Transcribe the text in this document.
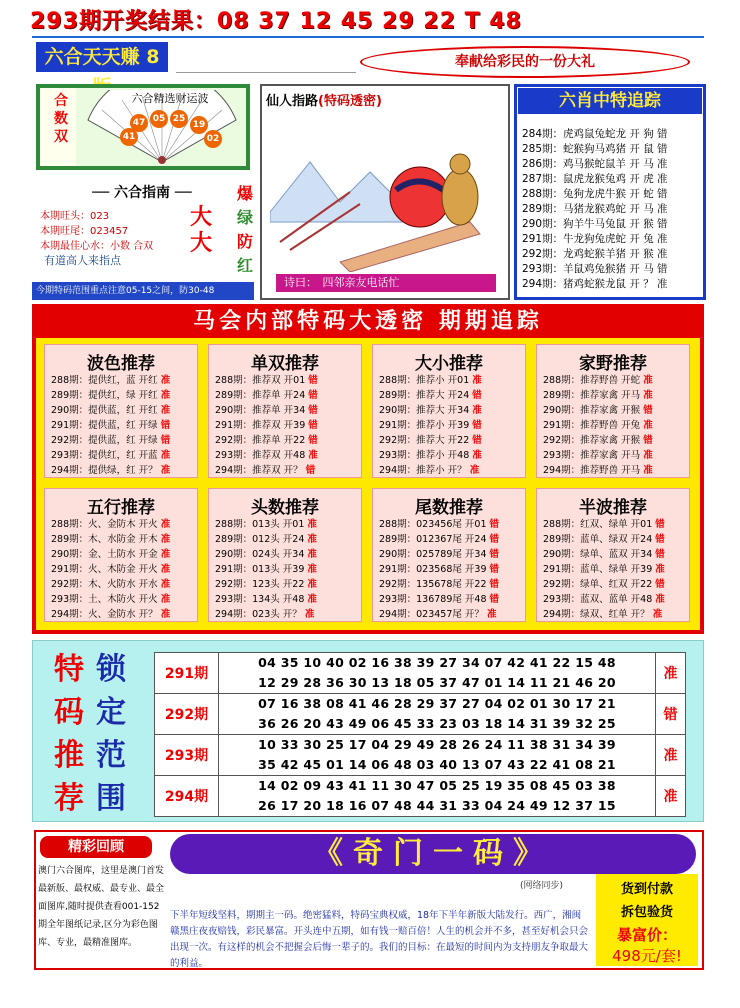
293期开奖结果：08 37 12 45 29 22 T 48
六合天天赚 8	奉献给彩民的一份大礼
合数双
六合精选财运波
47 05 25
19
41	02
── 六合指南 ──
本期旺头：023
本期旺尾：023457
本期最佳心水：小数 合双
大
大
爆
绿
防
红
有道高人来指点
今期特码范围重点注意05-15之间，防30-48
仙人指路(特码透密)
诗曰：　 四邻亲友电话忙
六肖中特追踪
284期：虎鸡鼠兔蛇龙 开 狗 错
285期：蛇猴狗马鸡猪 开 鼠 错
286期：鸡马猴蛇鼠羊 开 马 准
287期：鼠虎龙猴兔鸡 开 虎 准
288期：兔狗龙虎牛猴 开 蛇 错
289期：马猪龙猴鸡蛇 开 马 准
290期：狗羊牛马兔鼠 开 猴 错
291期：牛龙狗兔虎蛇 开 兔 准
292期：龙鸡蛇猴羊猪 开 猴 准
293期：羊鼠鸡兔猴猪 开 马 错
294期：猪鸡蛇猴龙鼠 开 ？ 准
马会内部特码大透密 期期追踪
波色推荐
288期：提供红，蓝 开红 准
289期：提供红，绿 开红 准
290期：提供蓝，红 开红 准
291期：提供蓝，红 开绿 错
292期：提供蓝，红 开绿 错
293期：提供红，红 开蓝 准
294期：提供绿，红 开？ 准
单双推荐
288期：推荐双 开01 错
289期：推荐单 开24 错
290期：推荐单 开34 错
291期：推荐双 开39 错
292期：推荐单 开22 错
293期：推荐双 开48 准
294期：推荐双 开？ 错
大小推荐
288期：推荐小 开01 准
289期：推荐大 开24 错
290期：推荐大 开34 准
291期：推荐小 开39 错
292期：推荐大 开22 错
293期：推荐小 开48 准
294期：推荐小 开？ 准
家野推荐
288期：推荐野兽 开蛇 准
289期：推荐家禽 开马 准
290期：推荐家禽 开猴 错
291期：推荐野兽 开兔 准
292期：推荐家禽 开猴 错
293期：推荐家禽 开马 准
294期：推荐野兽 开马 准
五行推荐
288期：火、金防木 开火 准
289期：木、水防金 开木 准
290期：金、土防水 开金 准
291期：火、木防金 开火 准
292期：木、火防水 开水 准
293期：土、木防火 开火 准
294期：火、金防水 开？ 准
头数推荐
288期：013头 开01 准
289期：012头 开24 准
290期：024头 开34 准
291期：013头 开39 准
292期：123头 开22 准
293期：134头 开48 准
294期：023头 开？ 准
尾数推荐
288期：023456尾 开01 错
289期：012367尾 开24 错
290期：025789尾 开34 错
291期：023568尾 开39 错
292期：135678尾 开22 错
293期：136789尾 开48 错
294期：023457尾 开？ 准
半波推荐
288期：红双、绿单 开01 错
289期：蓝单、绿双 开24 错
290期：绿单、蓝双 开34 错
291期：蓝单、绿单 开39 准
292期：绿单、红双 开22 错
293期：蓝双、蓝单 开48 准
294期：绿双、红单 开？ 准
特
码
推
荐
锁
定
范
围
291期	04 35 10 40 02 16 38 39 27 34 07 42 41 22 15 48
12 29 28 36 30 13 18 05 37 47 01 14 11 21 46 20	准
292期	07 16 38 08 41 46 28 29 37 27 04 02 01 30 17 21
36 26 20 43 49 06 45 33 23 03 18 14 31 39 32 25	错
293期	10 33 30 25 17 04 29 49 28 26 24 11 38 31 34 39
35 42 45 01 14 06 48 03 40 13 07 43 22 41 08 21	准
294期	14 02 09 43 41 11 30 47 05 25 19 35 08 45 03 38
26 17 20 18 16 07 48 44 31 33 04 24 49 12 37 15	准
精彩回顾
澳门六合图库，这里是澳门首发最新版、最权威、最专业、最全面图库,随时提供查看001-152期全年图纸记录,区分为彩色图库、专业，最精准图库。
《奇门一码》
(网络同步)
下半年短线坚料，期期主一码。绝密猛料，特码宝典权威，18年下半年新版大陆发行。西广，湘闽赣黑庄夜夜赔钱，彩民暴富。开头连中五期，如有钱一赔百倍！人生的机会并不多，甚至好机会只会出现一次。有这样的机会不把握会后悔一辈子的。我们的目标：在最短的时间内为支持朋友争取最大的利益。
货到付款
拆包验货
暴富价：
498元/套!
